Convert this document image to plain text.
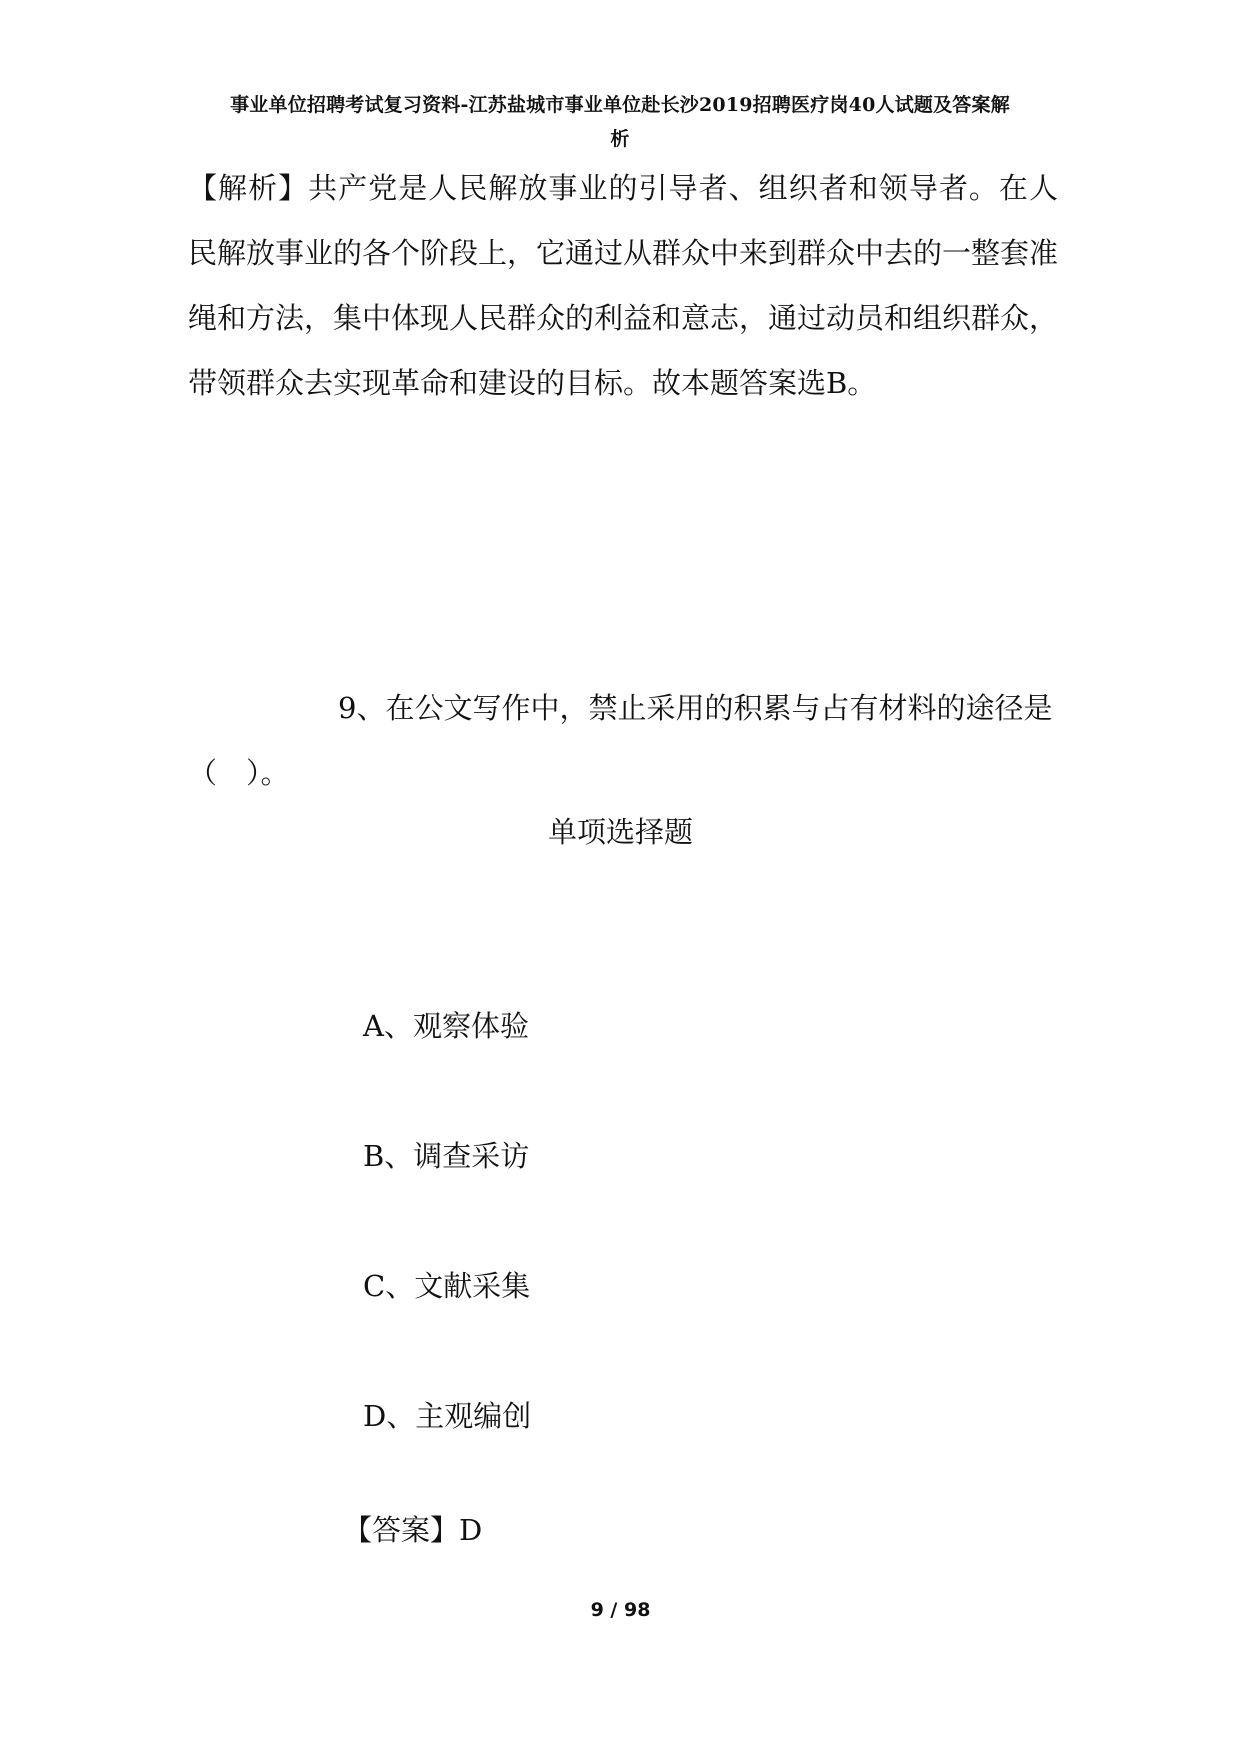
事业单位招聘考试复习资料-江苏盐城市事业单位赴长沙2019招聘医疗岗40人试题及答案解
析
【解析】共产党是人民解放事业的引导者、组织者和领导者。在人民解放事业的各个阶段上，它通过从群众中来到群众中去的一整套准绳和方法，集中体现人民群众的利益和意志，通过动员和组织群众，带领群众去实现革命和建设的目标。故本题答案选B。
9、在公文写作中，禁止采用的积累与占有材料的途径是（　）。
单项选择题
A、观察体验
B、调查采访
C、文献采集
D、主观编创
【答案】D
9 / 98
